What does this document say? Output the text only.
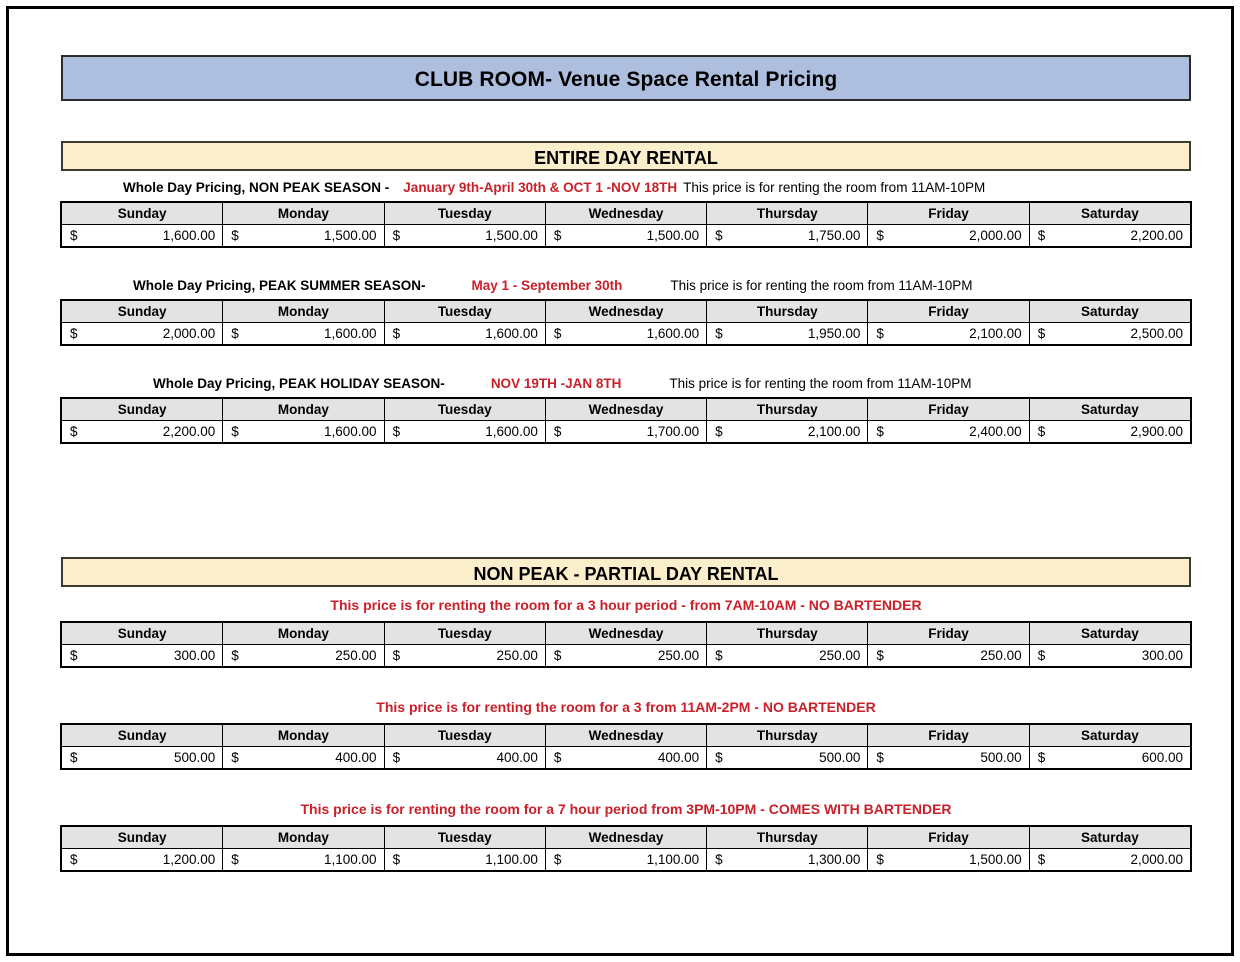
CLUB ROOM- Venue Space Rental Pricing
ENTIRE DAY RENTAL
Whole Day Pricing, NON PEAK SEASON - January 9th-April 30th & OCT 1 -NOV 18TH This price is for renting the room from 11AM-10PM
Sunday	Monday	Tuesday	Wednesday	Thursday	Friday	Saturday

$ 1,600.00	$ 1,500.00	$ 1,500.00	$ 1,500.00	$ 1,750.00	$ 2,000.00	$ 2,200.00
Whole Day Pricing, PEAK SUMMER SEASON-	May 1 - September 30th	This price is for renting the room from 11AM-10PM
Sunday	Monday	Tuesday	Wednesday	Thursday	Friday	Saturday

$ 2,000.00	$ 1,600.00	$ 1,600.00	$ 1,600.00	$ 1,950.00	$ 2,100.00	$ 2,500.00
Whole Day Pricing, PEAK HOLIDAY SEASON-	NOV 19TH -JAN 8TH	This price is for renting the room from 11AM-10PM
Sunday	Monday	Tuesday	Wednesday	Thursday	Friday	Saturday

$ 2,200.00	$ 1,600.00	$ 1,600.00	$ 1,700.00	$ 2,100.00	$ 2,400.00	$ 2,900.00
NON PEAK - PARTIAL DAY RENTAL
This price is for renting the room for a 3 hour period - from 7AM-10AM - NO BARTENDER
Sunday	Monday	Tuesday	Wednesday	Thursday	Friday	Saturday

$ 300.00	$ 250.00	$ 250.00	$ 250.00	$ 250.00	$ 250.00	$ 300.00
This price is for renting the room for a 3 from 11AM-2PM - NO BARTENDER
Sunday	Monday	Tuesday	Wednesday	Thursday	Friday	Saturday

$ 500.00	$ 400.00	$ 400.00	$ 400.00	$ 500.00	$ 500.00	$ 600.00
This price is for renting the room for a 7 hour period from 3PM-10PM - COMES WITH BARTENDER
Sunday	Monday	Tuesday	Wednesday	Thursday	Friday	Saturday

$ 1,200.00	$ 1,100.00	$ 1,100.00	$ 1,100.00	$ 1,300.00	$ 1,500.00	$ 2,000.00
